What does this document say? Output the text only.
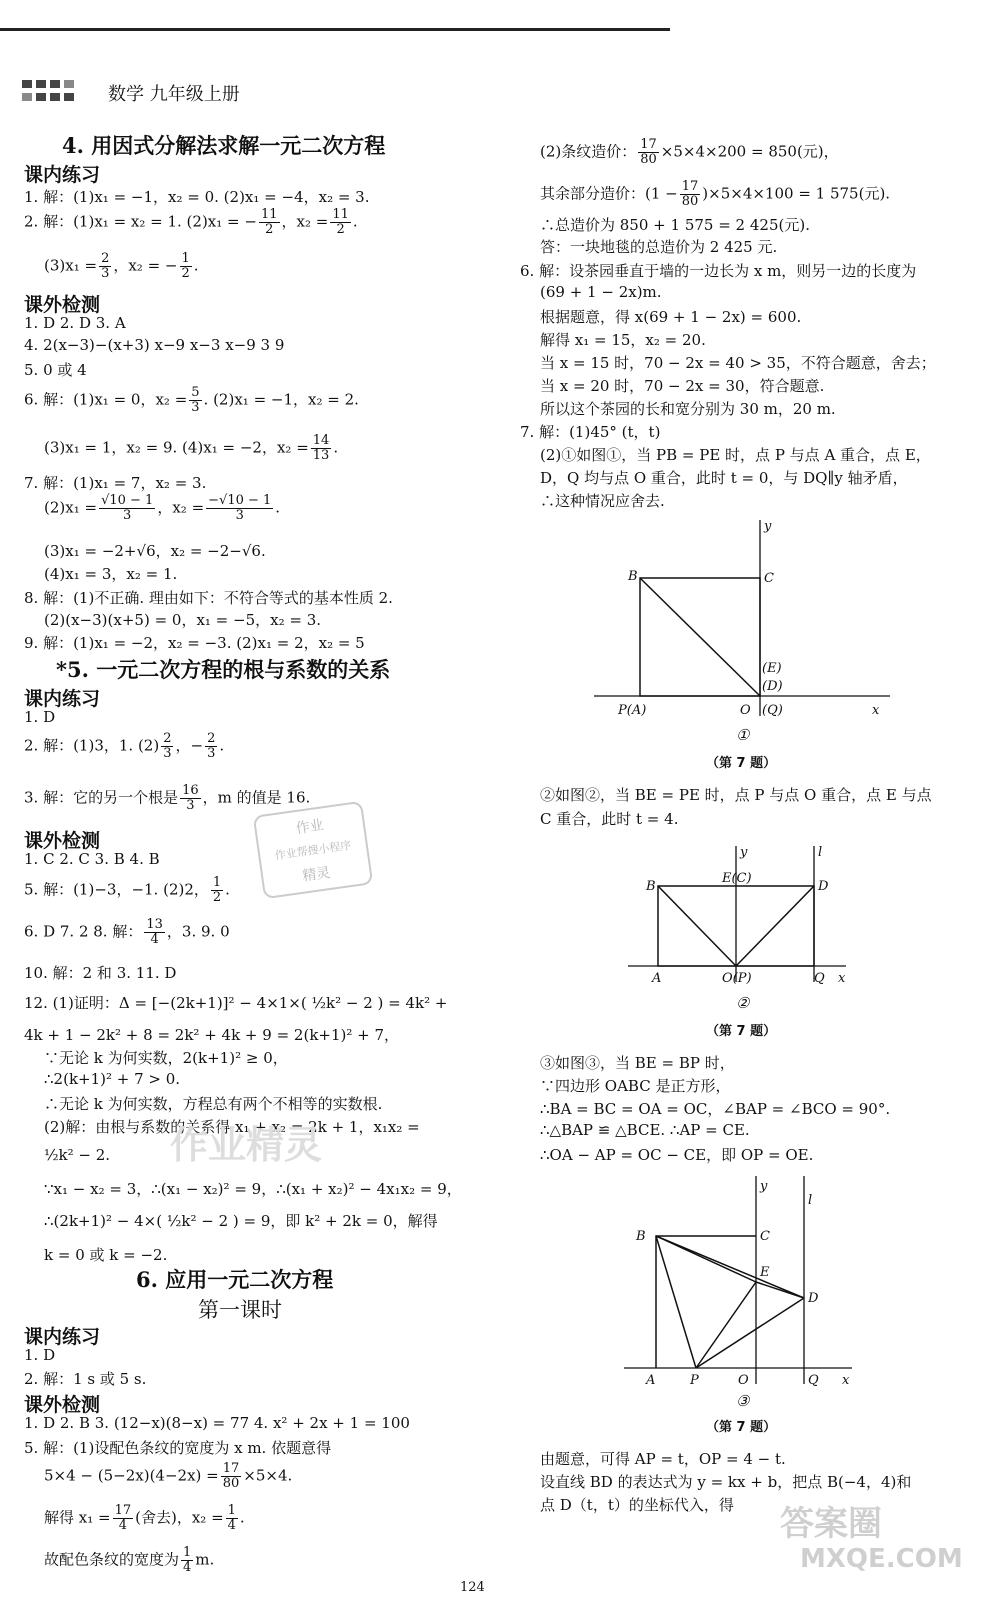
数学 九年级上册
4. 用因式分解法求解一元二次方程
课内练习
1. 解：(1)x₁ = −1，x₂ = 0. (2)x₁ = −4，x₂ = 3.
2. 解：(1)x₁ = x₂ = 1. (2)x₁ = − $\frac{11}{2}$ ，$x_2 = \frac{11}{2}$ .
$(3)x_1 = \frac{2}{3}$ ，x₂ = − $\frac{1}{2}$ .
课外检测
1. D 2. D 3. A
4. 2(x−3)−(x+3) x−9 x−3 x−9 3 9
5. 0 或 4
6. 解：(1)x₁ = 0，$x_2 = \frac{5}{3}$ . (2)x₁ = −1，x₂ = 2.
(3)x₁ = 1，x₂ = 9. (4)x₁ = −2，$x_2 = \frac{14}{13}$ .
7. 解：(1)x₁ = 7，x₂ = 3.
$(2)x_1 = \frac{√10 - 1}{3}$ ，$x_2 = \frac{-√10 - 1}{3}$ .
(3)x₁ = −2+√6，x₂ = −2−√6.
(4)x₁ = 3，x₂ = 1.
8. 解：(1)不正确. 理由如下：不符合等式的基本性质 2.
(2)(x−3)(x+5) = 0，x₁ = −5，x₂ = 3.
9. 解：(1)x₁ = −2，x₂ = −3. (2)x₁ = 2，x₂ = 5
*5. 一元二次方程的根与系数的关系
课内练习
1. D
2. 解：(1)3，1. $(2) \frac{2}{3}$ ，− $\frac{2}{3}$ .
3. 解：它的另一个根是 $\frac{16}{3}$ ，m 的值是 16.
课外检测
1. C 2. C 3. B 4. B
5. 解：(1)−3，−1. (2)2， $\frac{1}{2}$ .
6. D 7. 2 8. 解： $\frac{13}{4}$ ，3. 9. 0
10. 解：2 和 3. 11. D
12. (1)证明：Δ = [−(2k+1)]² − 4×1×( ½k² − 2 ) = 4k² +
4k + 1 − 2k² + 8 = 2k² + 4k + 9 = 2(k+1)² + 7，
∵无论 k 为何实数，2(k+1)² ≥ 0，
∴2(k+1)² + 7 > 0.
∴无论 k 为何实数，方程总有两个不相等的实数根.
(2)解：由根与系数的关系得 x₁ + x₂ = 2k + 1，x₁x₂ =
½k² − 2.
∵x₁ − x₂ = 3，∴(x₁ − x₂)² = 9，∴(x₁ + x₂)² − 4x₁x₂ = 9，
∴(2k+1)² − 4×( ½k² − 2 ) = 9，即 k² + 2k = 0，解得
k = 0 或 k = −2.
6. 应用一元二次方程
第一课时
课内练习
1. D
2. 解：1 s 或 5 s.
课外检测
1. D 2. B 3. (12−x)(8−x) = 77 4. x² + 2x + 1 = 100
5. 解：(1)设配色条纹的宽度为 x m. 依题意得
$5\times 4 - (5-2x)(4-2x) = \frac{17}{80} \times 5\times 4$.
解得 $x_1 = \frac{17}{4}$ (舍去)，$x_2 = \frac{1}{4}$ .
故配色条纹的宽度为 $\frac{1}{4} m$.
作业
作业帮搜小程序
精灵
作业精灵
(2)条纹造价： $\frac{17}{80} \times 5\times 4\times 200 = 850$(元)，
其余部分造价：$(1 - \frac{17}{80} )\times 5\times 4\times 100 = 1$ 575(元).
∴总造价为 850 + 1 575 = 2 425(元).
答：一块地毯的总造价为 2 425 元.
6. 解：设茶园垂直于墙的一边长为 x m，则另一边的长度为
(69 + 1 − 2x)m.
根据题意，得 x(69 + 1 − 2x) = 600.
解得 x₁ = 15，x₂ = 20.
当 x = 15 时，70 − 2x = 40 > 35，不符合题意，舍去；
当 x = 20 时，70 − 2x = 30，符合题意.
所以这个茶园的长和宽分别为 30 m，20 m.
7. 解：(1)45° (t，t)
(2)①如图①，当 PB = PE 时，点 P 与点 A 重合，点 E，
D，Q 均与点 O 重合，此时 t = 0，与 DQ∥y 轴矛盾，
∴这种情况应舍去.
y
B	C
(E)
(D)
P(A)	O (Q)	x
①
（第 7 题）
②如图②，当 BE = PE 时，点 P 与点 O 重合，点 E 与点
C 重合，此时 t = 4.
y	l
B
E(C)
D
A	O(P)	Q x
②
（第 7 题）
③如图③，当 BE = BP 时，
∵四边形 OABC 是正方形，
∴BA = BC = OA = OC，∠BAP = ∠BCO = 90°.
∴△BAP ≌ △BCE. ∴AP = CE.
∴OA − AP = OC − CE，即 OP = OE.
y
l
B	C
E
D
A	P	O	Q x
③
（第 7 题）
由题意，可得 AP = t，OP = 4 − t.
设直线 BD 的表达式为 y = kx + b，把点 B(−4，4)和
点 D（t，t）的坐标代入，得 答案圈
MXQE.COM
124
